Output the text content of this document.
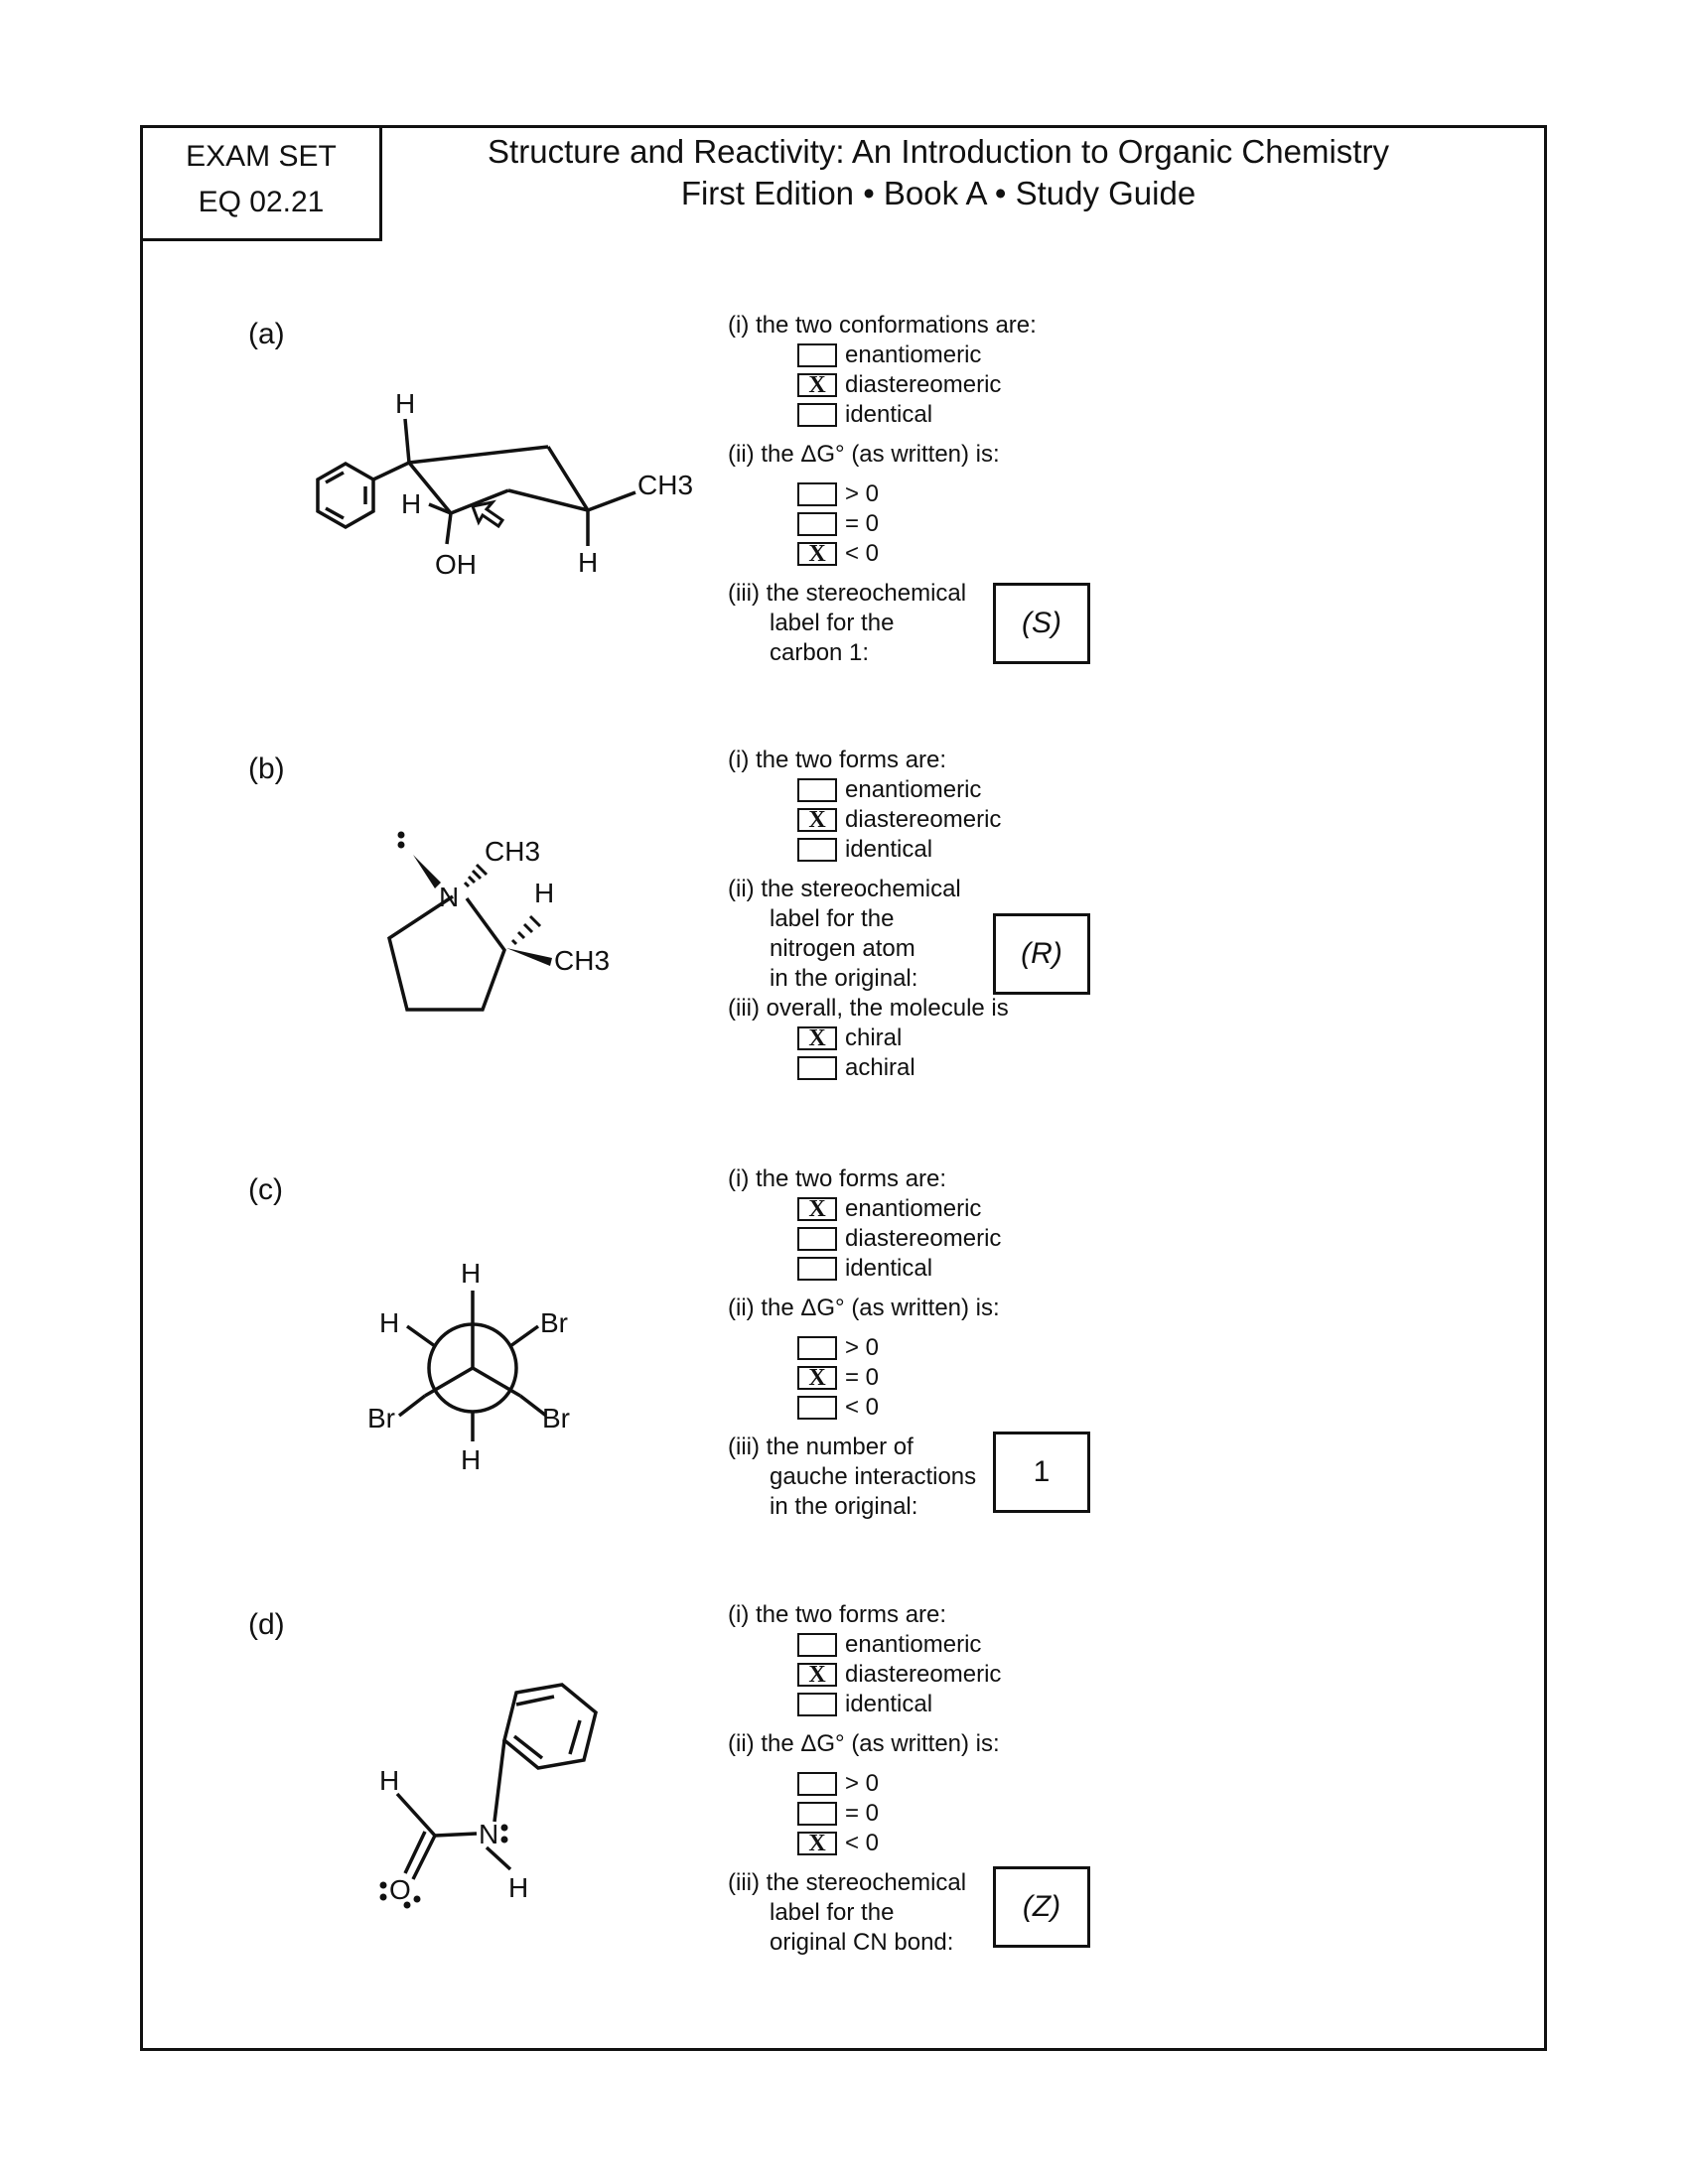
EXAM SET
EQ 02.21
Structure and Reactivity: An Introduction to Organic Chemistry
First Edition • Book A • Study Guide
(a)
H
H
OH	H
CH3
(i) the two conformations are:
enantiomeric
X diastereomeric
identical
(ii) the ΔG° (as written) is:
> 0
= 0
X < 0
(iii) the stereochemical
label for the
carbon 1:
(S)
(b)
N
CH3
H
CH3
(i) the two forms are:
enantiomeric
X diastereomeric
identical
(ii) the stereochemical
label for the
nitrogen atom
in the original:
(iii) overall, the molecule is
X chiral
achiral
(R)
(c)
H
H	Br
Br	Br
H
(i) the two forms are:
X enantiomeric
diastereomeric
identical
(ii) the ΔG° (as written) is:
> 0
X = 0
< 0
(iii) the number of
gauche interactions
in the original:
1
(d)
H
N
H
O
(i) the two forms are:
enantiomeric
X diastereomeric
identical
(ii) the ΔG° (as written) is:
> 0
= 0
X < 0
(iii) the stereochemical
label for the
original CN bond:
(Z)
